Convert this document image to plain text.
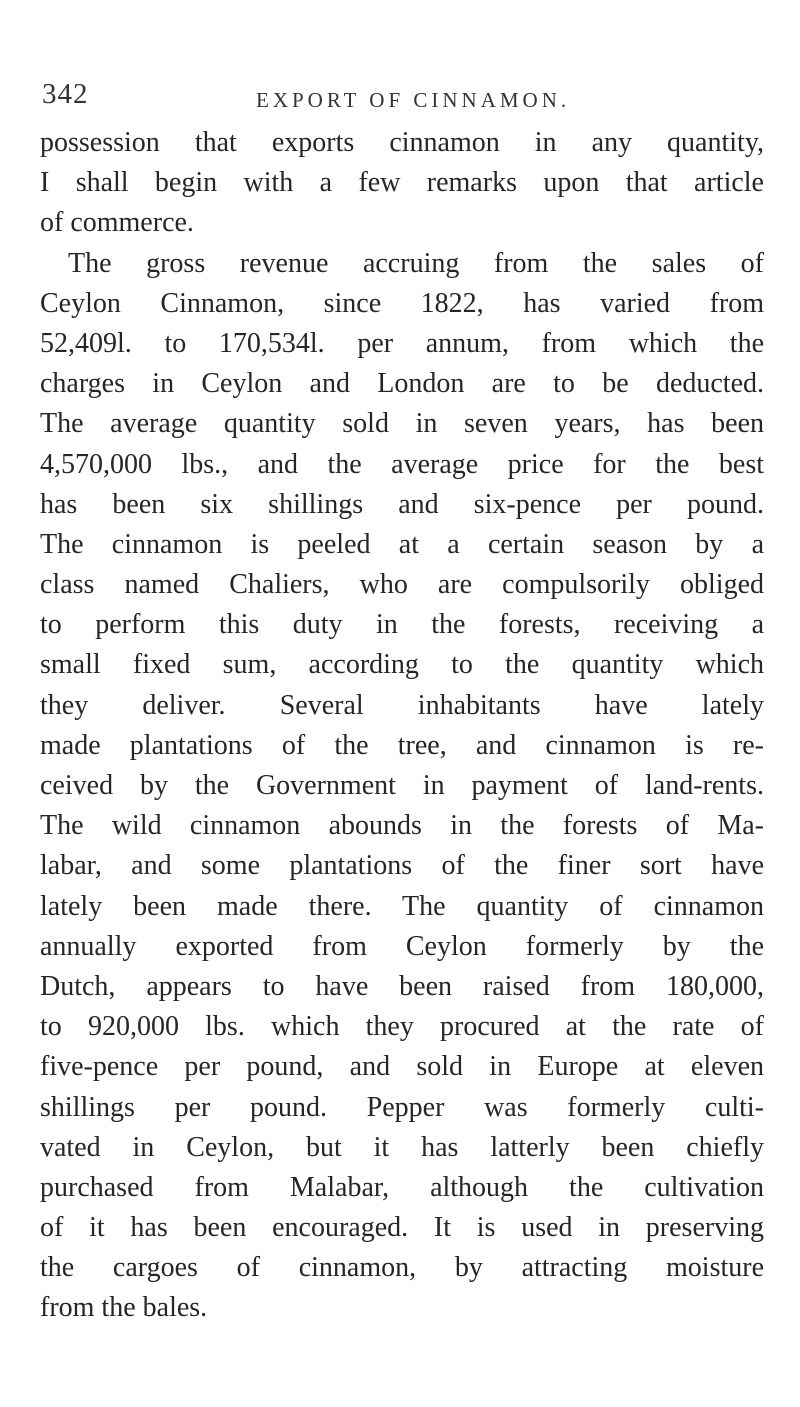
342	EXPORT OF CINNAMON.
possession that exports cinnamon in any quantity,
I shall begin with a few remarks upon that article
of commerce.
The gross revenue accruing from the sales of
Ceylon Cinnamon, since 1822, has varied from
52,409l. to 170,534l. per annum, from which the
charges in Ceylon and London are to be deducted.
The average quantity sold in seven years, has been
4,570,000 lbs., and the average price for the best
has been six shillings and six-pence per pound.
The cinnamon is peeled at a certain season by a
class named Chaliers, who are compulsorily obliged
to perform this duty in the forests, receiving a
small fixed sum, according to the quantity which
they deliver. Several inhabitants have lately
made plantations of the tree, and cinnamon is re-
ceived by the Government in payment of land-rents.
The wild cinnamon abounds in the forests of Ma-
labar, and some plantations of the finer sort have
lately been made there. The quantity of cinnamon
annually exported from Ceylon formerly by the
Dutch, appears to have been raised from 180,000,
to 920,000 lbs. which they procured at the rate of
five-pence per pound, and sold in Europe at eleven
shillings per pound. Pepper was formerly culti-
vated in Ceylon, but it has latterly been chiefly
purchased from Malabar, although the cultivation
of it has been encouraged. It is used in preserving
the cargoes of cinnamon, by attracting moisture
from the bales.
